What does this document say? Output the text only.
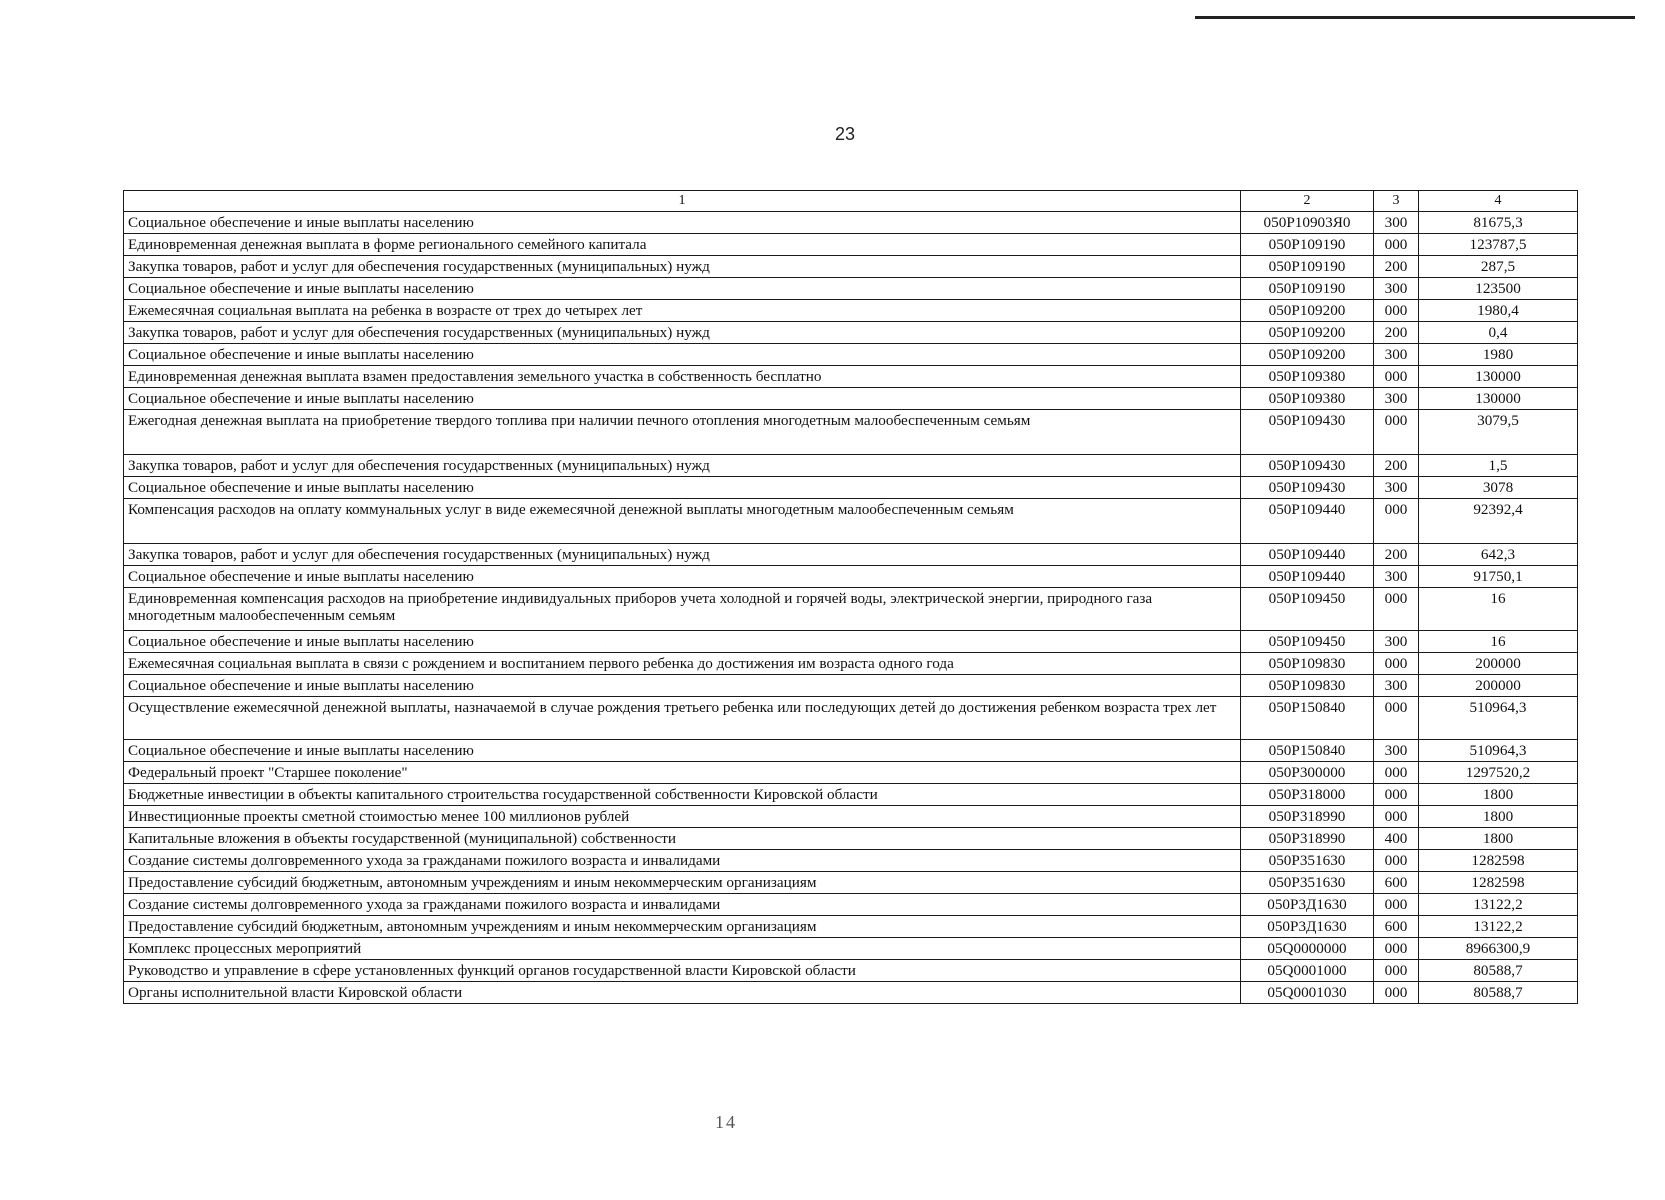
23
1	2	3	4
Социальное обеспечение и иные выплаты населению	050P10903Я0	300	81675,3
Единовременная денежная выплата в форме регионального семейного капитала	050P109190	000	123787,5
Закупка товаров, работ и услуг для обеспечения государственных (муниципальных) нужд	050P109190	200	287,5
Социальное обеспечение и иные выплаты населению	050P109190	300	123500
Ежемесячная социальная выплата на ребенка в возрасте от трех до четырех лет	050P109200	000	1980,4
Закупка товаров, работ и услуг для обеспечения государственных (муниципальных) нужд	050P109200	200	0,4
Социальное обеспечение и иные выплаты населению	050P109200	300	1980
Единовременная денежная выплата взамен предоставления земельного участка в собственность бесплатно	050P109380	000	130000
Социальное обеспечение и иные выплаты населению	050P109380	300	130000
Ежегодная денежная выплата на приобретение твердого топлива при наличии печного отопления многодетным малообеспеченным семьям	050P109430	000	3079,5
Закупка товаров, работ и услуг для обеспечения государственных (муниципальных) нужд	050P109430	200	1,5
Социальное обеспечение и иные выплаты населению	050P109430	300	3078
Компенсация расходов на оплату коммунальных услуг в виде ежемесячной денежной выплаты многодетным малообеспеченным семьям	050P109440	000	92392,4
Закупка товаров, работ и услуг для обеспечения государственных (муниципальных) нужд	050P109440	200	642,3
Социальное обеспечение и иные выплаты населению	050P109440	300	91750,1
Единовременная компенсация расходов на приобретение индивидуальных приборов учета холодной и горячей воды, электрической энергии, природного газа многодетным малообеспеченным семьям	050P109450	000	16
Социальное обеспечение и иные выплаты населению	050P109450	300	16
Ежемесячная социальная выплата в связи с рождением и воспитанием первого ребенка до достижения им возраста одного года	050P109830	000	200000
Социальное обеспечение и иные выплаты населению	050P109830	300	200000
Осуществление ежемесячной денежной выплаты, назначаемой в случае рождения третьего ребенка или последующих детей до достижения ребенком возраста трех лет	050P150840	000	510964,3
Социальное обеспечение и иные выплаты населению	050P150840	300	510964,3
Федеральный проект "Старшее поколение"	050P300000	000	1297520,2
Бюджетные инвестиции в объекты капитального строительства государственной собственности Кировской области	050P318000	000	1800
Инвестиционные проекты сметной стоимостью менее 100 миллионов рублей	050P318990	000	1800
Капитальные вложения в объекты государственной (муниципальной) собственности	050P318990	400	1800
Создание системы долговременного ухода за гражданами пожилого возраста и инвалидами	050P351630	000	1282598
Предоставление субсидий бюджетным, автономным учреждениям и иным некоммерческим организациям	050P351630	600	1282598
Создание системы долговременного ухода за гражданами пожилого возраста и инвалидами	050P3Д1630	000	13122,2
Предоставление субсидий бюджетным, автономным учреждениям и иным некоммерческим организациям	050P3Д1630	600	13122,2
Комплекс процессных мероприятий	05Q0000000	000	8966300,9
Руководство и управление в сфере установленных функций органов государственной власти Кировской области	05Q0001000	000	80588,7
Органы исполнительной власти Кировской области	05Q0001030	000	80588,7
14
